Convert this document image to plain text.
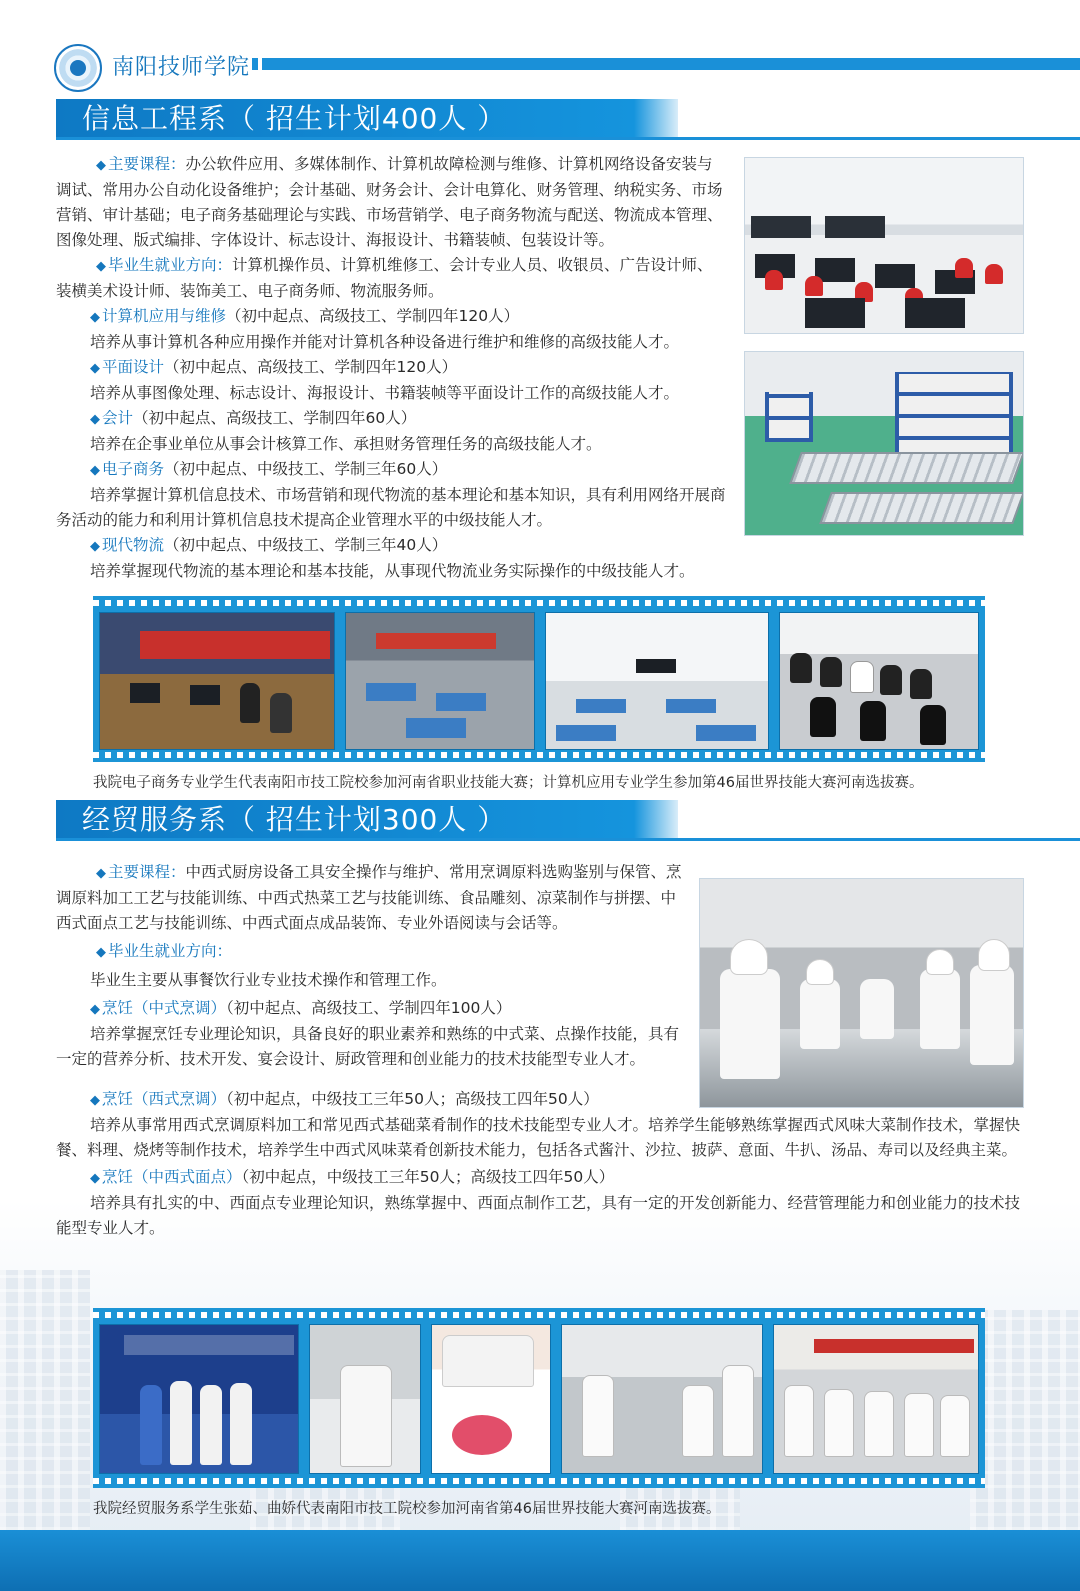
南阳技师学院
信息工程系（ 招生计划400人 ）

◆ 主要课程：办公软件应用、多媒体制作、计算机故障检测与维修、计算机网络设备安装与调试、常用办公自动化设备维护；会计基础、财务会计、会计电算化、财务管理、纳税实务、市场营销、审计基础；电子商务基础理论与实践、市场营销学、电子商务物流与配送、物流成本管理、图像处理、版式编排、字体设计、标志设计、海报设计、书籍装帧、包装设计等。

◆ 毕业生就业方向：计算机操作员、计算机维修工、会计专业人员、收银员、广告设计师、装横美术设计师、装饰美工、电子商务师、物流服务师。

◆ 计算机应用与维修（初中起点、高级技工、学制四年120人）

培养从事计算机各种应用操作并能对计算机各种设备进行维护和维修的高级技能人才。

◆ 平面设计（初中起点、高级技工、学制四年120人）

培养从事图像处理、标志设计、海报设计、书籍装帧等平面设计工作的高级技能人才。

◆ 会计（初中起点、高级技工、学制四年60人）

培养在企事业单位从事会计核算工作、承担财务管理任务的高级技能人才。

◆ 电子商务（初中起点、中级技工、学制三年60人）

培养掌握计算机信息技术、市场营销和现代物流的基本理论和基本知识，具有利用网络开展商务活动的能力和利用计算机信息技术提高企业管理水平的中级技能人才。

◆ 现代物流（初中起点、中级技工、学制三年40人）

培养掌握现代物流的基本理论和基本技能，从事现代物流业务实际操作的中级技能人才。

我院电子商务专业学生代表南阳市技工院校参加河南省职业技能大赛；计算机应用专业学生参加第46届世界技能大赛河南选拔赛。
经贸服务系（ 招生计划300人 ）

◆ 主要课程：中西式厨房设备工具安全操作与维护、常用烹调原料选购鉴别与保管、烹调原料加工工艺与技能训练、中西式热菜工艺与技能训练、食品雕刻、凉菜制作与拼摆、中西式面点工艺与技能训练、中西式面点成品装饰、专业外语阅读与会话等。

◆ 毕业生就业方向：

毕业生主要从事餐饮行业专业技术操作和管理工作。

◆ 烹饪（中式烹调）（初中起点、高级技工、学制四年100人）

培养掌握烹饪专业理论知识，具备良好的职业素养和熟练的中式菜、点操作技能，具有一定的营养分析、技术开发、宴会设计、厨政管理和创业能力的技术技能型专业人才。

◆ 烹饪（西式烹调）（初中起点，中级技工三年50人；高级技工四年50人）

培养从事常用西式烹调原料加工和常见西式基础菜肴制作的技术技能型专业人才。培养学生能够熟练掌握西式风味大菜制作技术，掌握快餐、料理、烧烤等制作技术，培养学生中西式风味菜肴创新技术能力，包括各式酱汁、沙拉、披萨、意面、牛扒、汤品、寿司以及经典主菜。

◆ 烹饪（中西式面点）（初中起点，中级技工三年50人；高级技工四年50人）

培养具有扎实的中、西面点专业理论知识，熟练掌握中、西面点制作工艺，具有一定的开发创新能力、经营管理能力和创业能力的技术技能型专业人才。

我院经贸服务系学生张茹、曲娇代表南阳市技工院校参加河南省第46届世界技能大赛河南选拔赛。
